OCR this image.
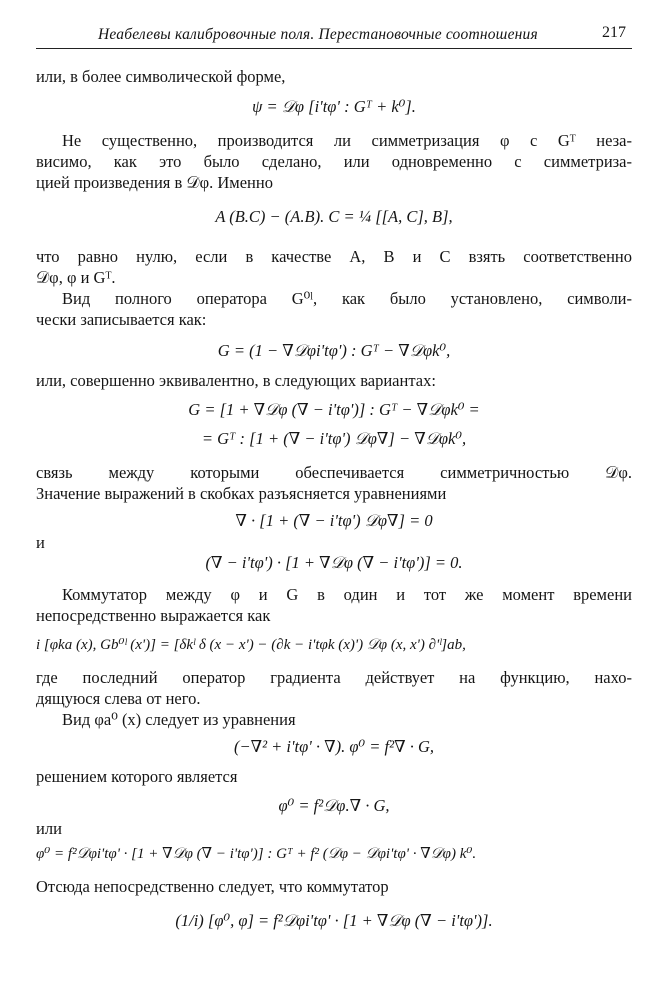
Неабелевы калибровочные поля. Перестановочные соотношения	217
или, в более символической форме,
ψ = 𝒟φ [iʹtφʹ : Gᵀ + k⁰].
Не существенно, производится ли симметризация φ с Gᵀ неза-
висимо, как это было сделано, или одновременно с симметриза-
цией произведения в 𝒟φ. Именно
A (B.C) − (A.B). C = ¼ [[A, C], B],
что равно нулю, если в качестве A, B и C взять соответственно
𝒟φ, φ и Gᵀ.
Вид полного оператора G⁰ˡ, как было установлено, символи-
чески записывается как:
G = (1 − ∇𝒟φiʹtφʹ) : Gᵀ − ∇𝒟φk⁰,
или, совершенно эквивалентно, в следующих вариантах:
G = [1 + ∇𝒟φ (∇ − iʹtφʹ)] : Gᵀ − ∇𝒟φk⁰ =
= Gᵀ : [1 + (∇ − iʹtφʹ) 𝒟φ∇] − ∇𝒟φk⁰,
связь между которыми обеспечивается симметричностью 𝒟φ.
Значение выражений в скобках разъясняется уравнениями
∇ · [1 + (∇ − iʹtφʹ) 𝒟φ∇] = 0
и
(∇ − iʹtφʹ) · [1 + ∇𝒟φ (∇ − iʹtφʹ)] = 0.
Коммутатор между φ и G в один и тот же момент времени
непосредственно выражается как
i [φka (x), Gb⁰ˡ (xʹ)] = [δkˡ δ (x − xʹ) − (∂k − iʹtφk (x)ʹ) 𝒟φ (x, xʹ) ∂ʹˡ]ab,
где последний оператор градиента действует на функцию, нахо-
дящуюся слева от него.
Вид φa⁰ (x) следует из уравнения
(−∇² + iʹtφʹ · ∇). φ⁰ = f²∇ · G,
решением которого является
φ⁰ = f²𝒟φ.∇ · G,
или
φ⁰ = f²𝒟φiʹtφʹ · [1 + ∇𝒟φ (∇ − iʹtφʹ)] : Gᵀ + f² (𝒟φ − 𝒟φiʹtφʹ · ∇𝒟φ) k⁰.
Отсюда непосредственно следует, что коммутатор
(1/i) [φ⁰, φ] = f²𝒟φiʹtφʹ · [1 + ∇𝒟φ (∇ − iʹtφʹ)].
